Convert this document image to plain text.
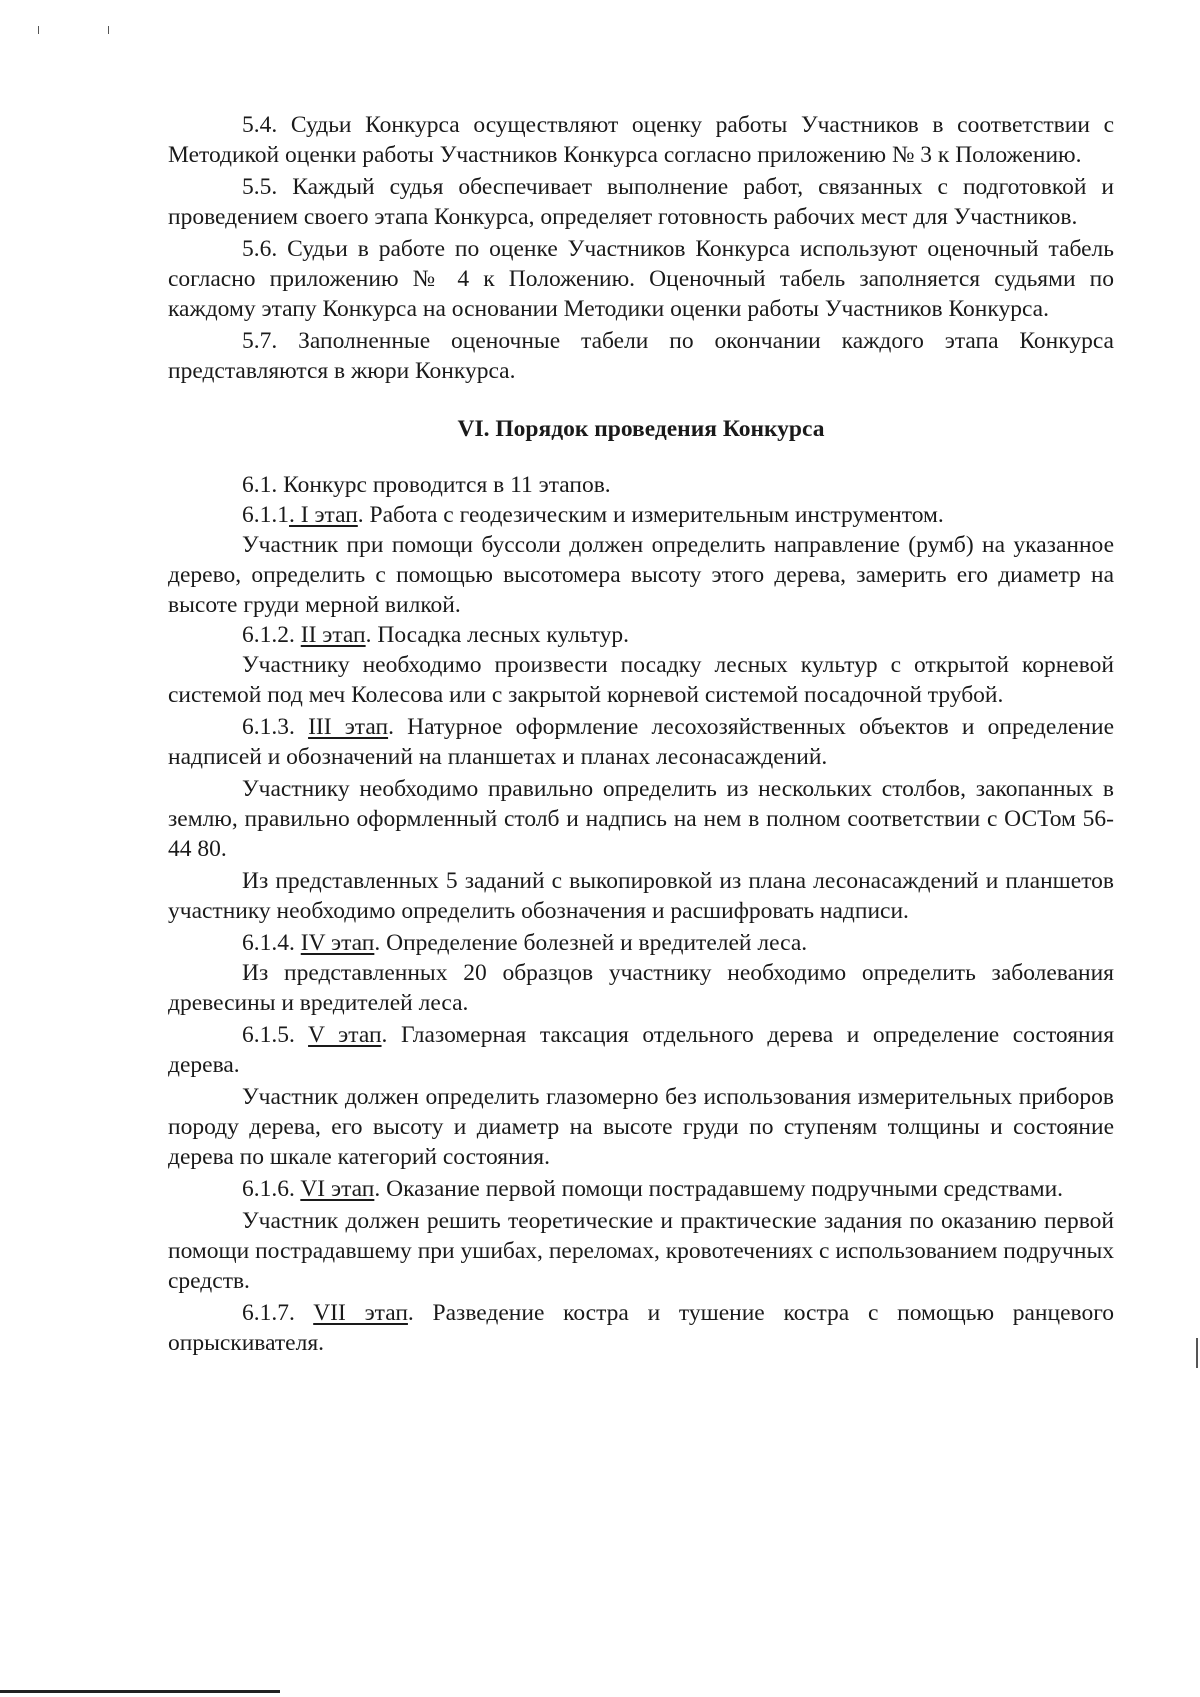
5.4. Судьи Конкурса осуществляют оценку работы Участников в соответствии с Методикой оценки работы Участников Конкурса согласно приложению № 3 к Положению.

5.5. Каждый судья обеспечивает выполнение работ, связанных с подготовкой и проведением своего этапа Конкурса, определяет готовность рабочих мест для Участников.

5.6. Судьи в работе по оценке Участников Конкурса используют оценочный табель согласно приложению № 4 к Положению. Оценочный табель заполняется судьями по каждому этапу Конкурса на основании Методики оценки работы Участников Конкурса.

5.7. Заполненные оценочные табели по окончании каждого этапа Конкурса представляются в жюри Конкурса.

VI. Порядок проведения Конкурса

6.1. Конкурс проводится в 11 этапов.

6.1.1. I этап. Работа с геодезическим и измерительным инструментом.

Участник при помощи буссоли должен определить направление (румб) на указанное дерево, определить с помощью высотомера высоту этого дерева, замерить его диаметр на высоте груди мерной вилкой.

6.1.2. II этап. Посадка лесных культур.

Участнику необходимо произвести посадку лесных культур с открытой корневой системой под меч Колесова или с закрытой корневой системой посадочной трубой.

6.1.3. III этап. Натурное оформление лесохозяйственных объектов и определение надписей и обозначений на планшетах и планах лесонасаждений.

Участнику необходимо правильно определить из нескольких столбов, закопанных в землю, правильно оформленный столб и надпись на нем в полном соответствии с ОСТом 56-44 80.

Из представленных 5 заданий с выкопировкой из плана лесонасаждений и планшетов участнику необходимо определить обозначения и расшифровать надписи.

6.1.4. IV этап. Определение болезней и вредителей леса.

Из представленных 20 образцов участнику необходимо определить заболевания древесины и вредителей леса.

6.1.5. V этап. Глазомерная таксация отдельного дерева и определение состояния дерева.

Участник должен определить глазомерно без использования измерительных приборов породу дерева, его высоту и диаметр на высоте груди по ступеням толщины и состояние дерева по шкале категорий состояния.

6.1.6. VI этап. Оказание первой помощи пострадавшему подручными средствами.

Участник должен решить теоретические и практические задания по оказанию первой помощи пострадавшему при ушибах, переломах, кровотечениях с использованием подручных средств.

6.1.7. VII этап. Разведение костра и тушение костра с помощью ранцевого опрыскивателя.
